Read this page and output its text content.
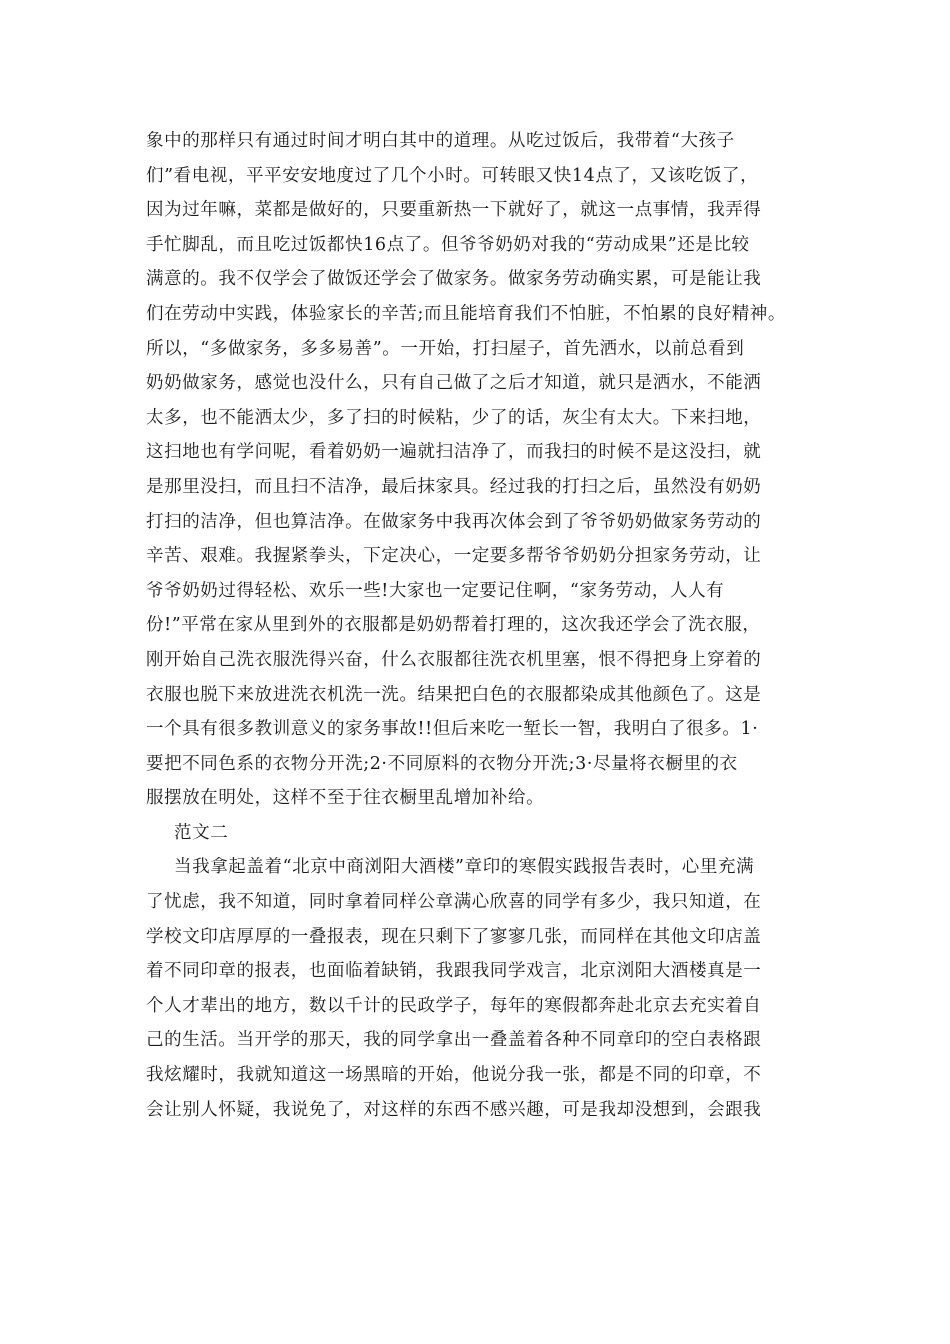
象中的那样只有通过时间才明白其中的道理。从吃过饭后，我带着“大孩子
们”看电视，平平安安地度过了几个小时。可转眼又快14点了，又该吃饭了，
因为过年嘛，菜都是做好的，只要重新热一下就好了，就这一点事情，我弄得
手忙脚乱，而且吃过饭都快16点了。但爷爷奶奶对我的“劳动成果”还是比较
满意的。我不仅学会了做饭还学会了做家务。做家务劳动确实累，可是能让我
们在劳动中实践，体验家长的辛苦;而且能培育我们不怕脏，不怕累的良好精神。
所以，“多做家务，多多易善”。一开始，打扫屋子，首先洒水，以前总看到
奶奶做家务，感觉也没什么，只有自己做了之后才知道，就只是洒水，不能洒
太多，也不能洒太少，多了扫的时候粘，少了的话，灰尘有太大。下来扫地，
这扫地也有学问呢，看着奶奶一遍就扫洁净了，而我扫的时候不是这没扫，就
是那里没扫，而且扫不洁净，最后抹家具。经过我的打扫之后，虽然没有奶奶
打扫的洁净，但也算洁净。在做家务中我再次体会到了爷爷奶奶做家务劳动的
辛苦、艰难。我握紧拳头，下定决心，一定要多帮爷爷奶奶分担家务劳动，让
爷爷奶奶过得轻松、欢乐一些!大家也一定要记住啊，“家务劳动，人人有
份!”平常在家从里到外的衣服都是奶奶帮着打理的，这次我还学会了洗衣服，
刚开始自己洗衣服洗得兴奋，什么衣服都往洗衣机里塞，恨不得把身上穿着的
衣服也脱下来放进洗衣机洗一洗。结果把白色的衣服都染成其他颜色了。这是
一个具有很多教训意义的家务事故!!但后来吃一堑长一智，我明白了很多。1·
要把不同色系的衣物分开洗;2·不同原料的衣物分开洗;3·尽量将衣橱里的衣
服摆放在明处，这样不至于往衣橱里乱增加补给。
范文二
当我拿起盖着“北京中商浏阳大酒楼”章印的寒假实践报告表时，心里充满
了忧虑，我不知道，同时拿着同样公章满心欣喜的同学有多少，我只知道，在
学校文印店厚厚的一叠报表，现在只剩下了寥寥几张，而同样在其他文印店盖
着不同印章的报表，也面临着缺销，我跟我同学戏言，北京浏阳大酒楼真是一
个人才辈出的地方，数以千计的民政学子，每年的寒假都奔赴北京去充实着自
己的生活。当开学的那天，我的同学拿出一叠盖着各种不同章印的空白表格跟
我炫耀时，我就知道这一场黑暗的开始，他说分我一张，都是不同的印章，不
会让别人怀疑，我说免了，对这样的东西不感兴趣，可是我却没想到，会跟我
